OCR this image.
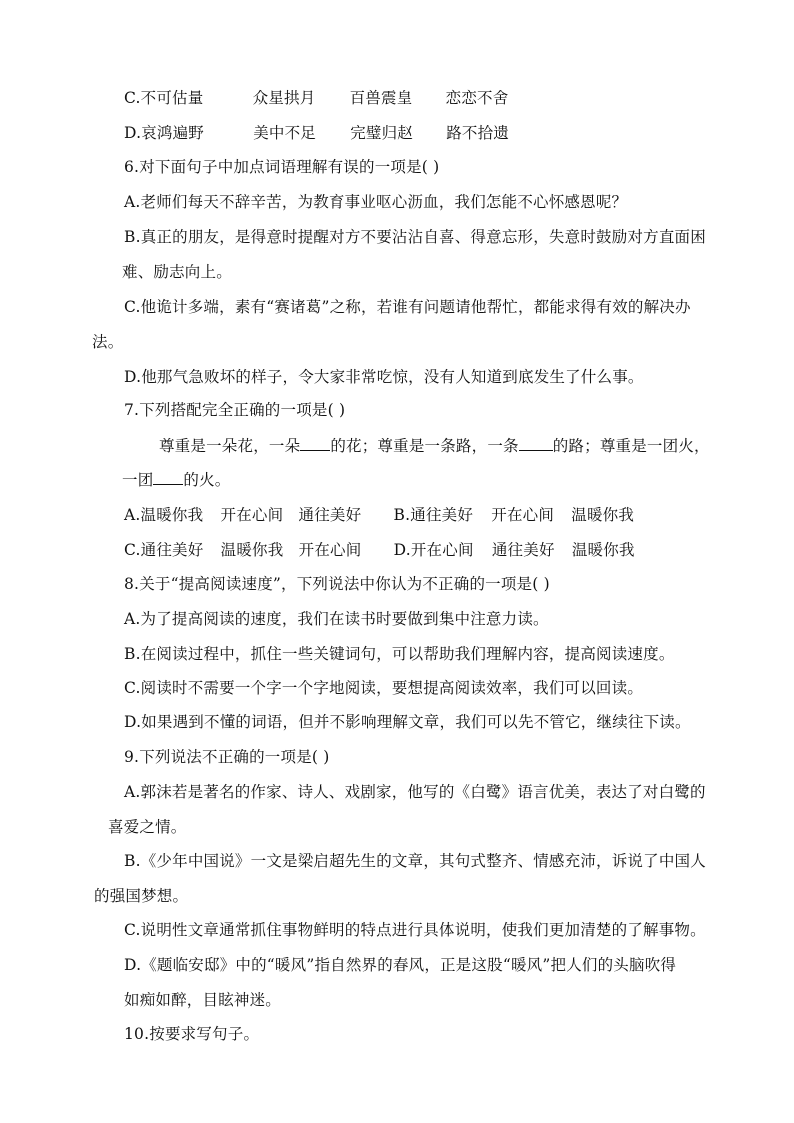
C.不可估量	众星拱月 百兽震皇 恋恋不舍
D.哀鸿遍野	美中不足 完璧归赵 路不拾遗
6.对下面句子中加点词语理解有误的一项是( )
A.老师们每天不辞辛苦，为教育事业呕心沥血，我们怎能不心怀感恩呢？
B.真正的朋友，是得意时提醒对方不要沾沾自喜、得意忘形，失意时鼓励对方直面困
难、励志向上。
C.他诡计多端，素有“赛诸葛”之称，若谁有问题请他帮忙，都能求得有效的解决办
法。
D.他那气急败坏的样子，令大家非常吃惊，没有人知道到底发生了什么事。
7.下列搭配完全正确的一项是( )
尊重是一朵花，一朵 的花；尊重是一条路，一条 的路；尊重是一团火，
一团 的火。
A.温暖你我 开在心间 通往美好 B.通往美好 开在心间 温暖你我
C.通往美好 温暖你我 开在心间 D.开在心间 通往美好 温暖你我
8.关于“提高阅读速度”，下列说法中你认为不正确的一项是( )
A.为了提高阅读的速度，我们在读书时要做到集中注意力读。
B.在阅读过程中，抓住一些关键词句，可以帮助我们理解内容，提高阅读速度。
C.阅读时不需要一个字一个字地阅读，要想提高阅读效率，我们可以回读。
D.如果遇到不懂的词语，但并不影响理解文章，我们可以先不管它，继续往下读。
9.下列说法不正确的一项是( )
A.郭沫若是著名的作家、诗人、戏剧家，他写的《白鹭》语言优美，表达了对白鹭的
喜爱之情。
B.《少年中国说》一文是梁启超先生的文章，其句式整齐、情感充沛，诉说了中国人
的强国梦想。
C.说明性文章通常抓住事物鲜明的特点进行具体说明，使我们更加清楚的了解事物。
D.《题临安邸》中的“暖风”指自然界的春风，正是这股“暖风”把人们的头脑吹得
如痴如醉，目眩神迷。
10.按要求写句子。
